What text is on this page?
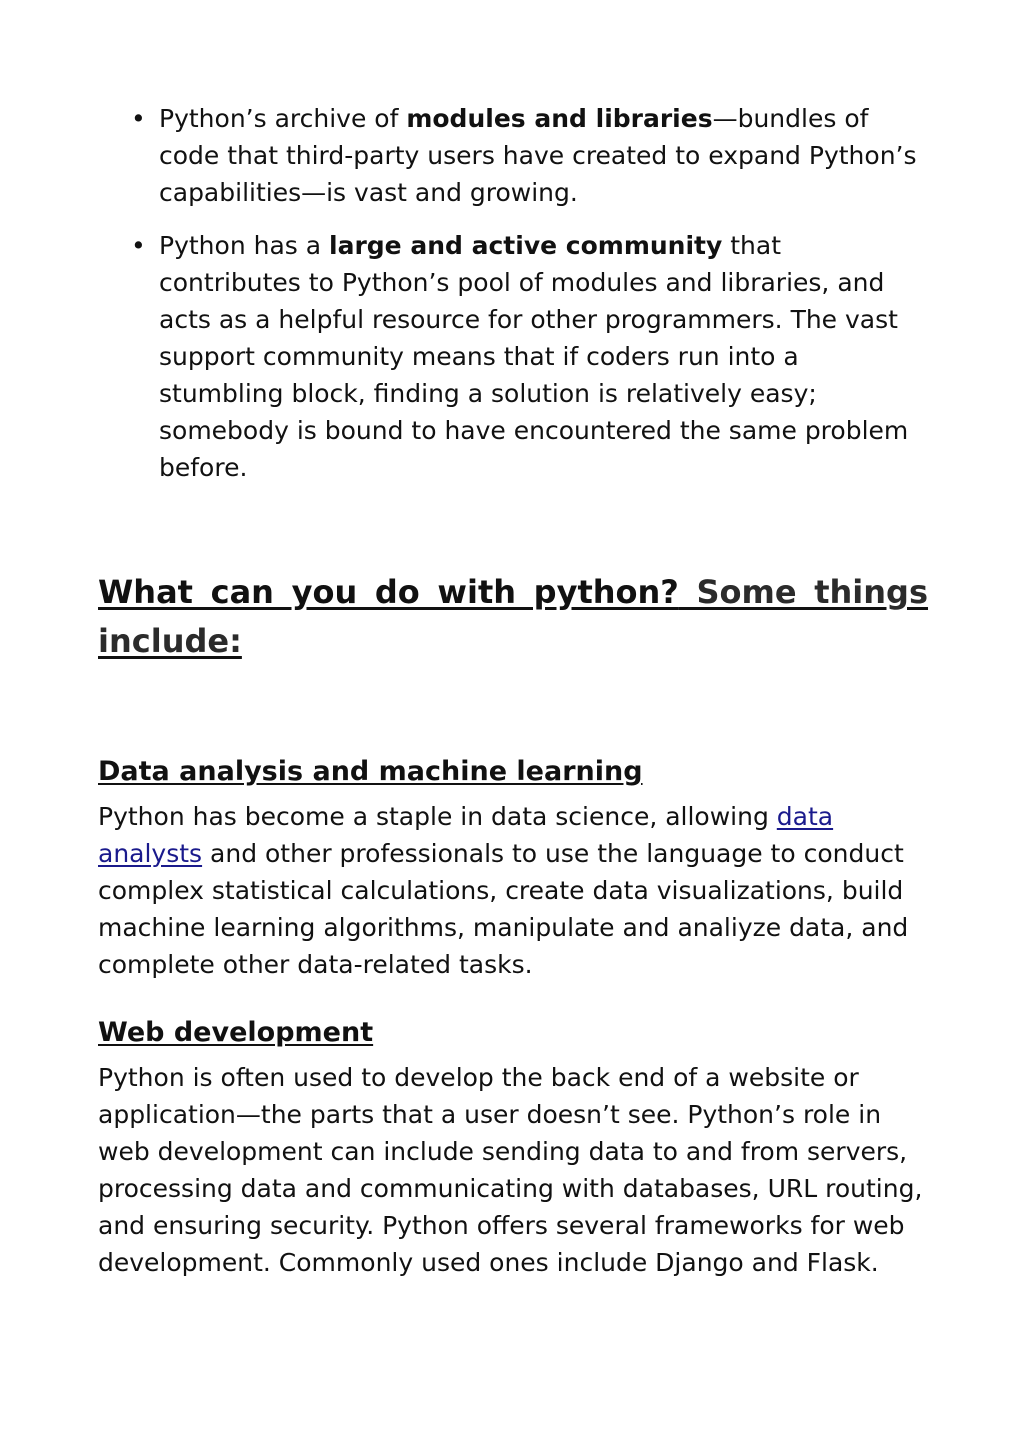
• Python’s archive of modules and libraries—bundles of code that third-party users have created to expand Python’s capabilities—is vast and growing.
• Python has a large and active community that contributes to Python’s pool of modules and libraries, and acts as a helpful resource for other programmers. The vast support community means that if coders run into a stumbling block, finding a solution is relatively easy; somebody is bound to have encountered the same problem before.
What can you do with python? Some things include:
Data analysis and machine learning
Python has become a staple in data science, allowing data analysts and other professionals to use the language to conduct complex statistical calculations, create data visualizations, build machine learning algorithms, manipulate and analiyze data, and complete other data-related tasks.
Web development
Python is often used to develop the back end of a website or application—the parts that a user doesn’t see. Python’s role in web development can include sending data to and from servers, processing data and communicating with databases, URL routing, and ensuring security. Python offers several frameworks for web development. Commonly used ones include Django and Flask.
